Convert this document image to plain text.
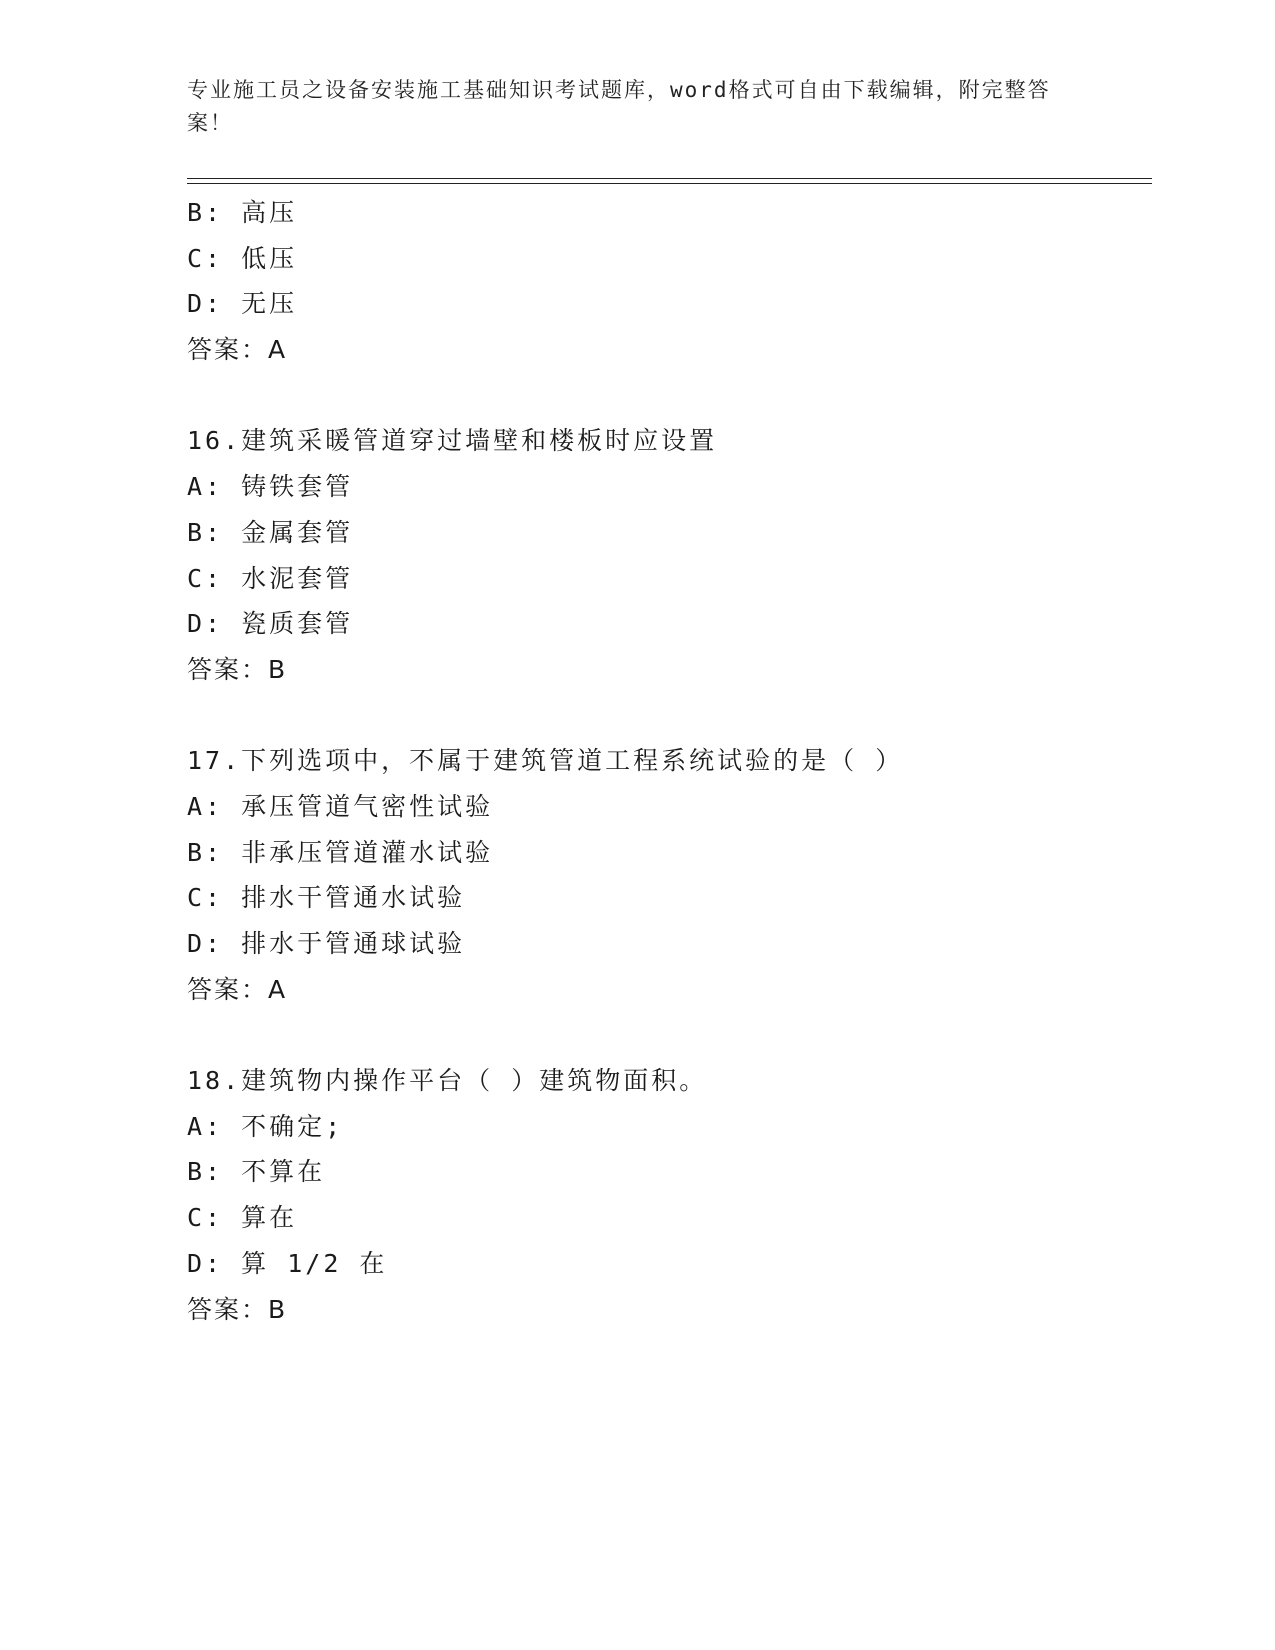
专业施工员之设备安装施工基础知识考试题库，word格式可自由下载编辑，附完整答案！
B: 高压
C: 低压
D: 无压
答案：A
16.建筑采暖管道穿过墙壁和楼板时应设置
A: 铸铁套管
B: 金属套管
C: 水泥套管
D: 瓷质套管
答案：B
17.下列选项中，不属于建筑管道工程系统试验的是（ ）
A: 承压管道气密性试验
B: 非承压管道灌水试验
C: 排水干管通水试验
D: 排水于管通球试验
答案：A
18.建筑物内操作平台（ ）建筑物面积。
A: 不确定;
B: 不算在
C: 算在
D: 算 1/2 在
答案：B
